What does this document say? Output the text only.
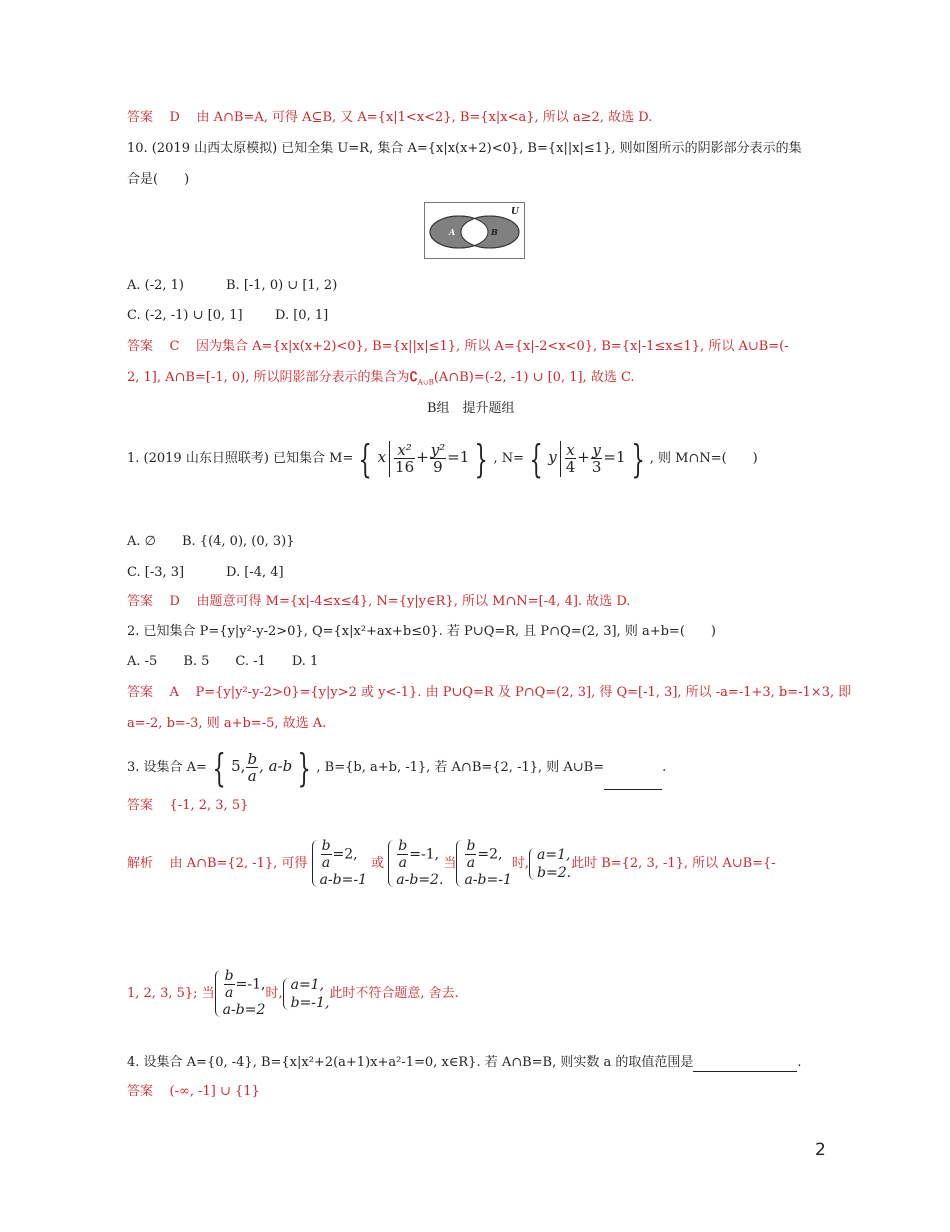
答案 D 由 A∩B=A, 可得 A⊆B, 又 A={x|1<x<2}, B={x|x<a}, 所以 a≥2, 故选 D.
10. (2019 山西太原模拟) 已知全集 U=R, 集合 A={x|x(x+2)<0}, B={x||x|≤1}, 则如图所示的阴影部分表示的集
合是(　　)
U
A	B
A. (-2, 1)	B. [-1, 0) ∪ [1, 2)
C. (-2, -1) ∪ [0, 1] D. [0, 1]
答案 C 因为集合 A={x|x(x+2)<0}, B={x||x|≤1}, 所以 A={x|-2<x<0}, B={x|-1≤x≤1}, 所以 A∪B=(-
2, 1], A∩B=[-1, 0), 所以阴影部分表示的集合为$∁_{A\cup B}(A\cap B)=(-2$, -1) ∪ [0, 1], 故选 C.
B组　提升题组
1. (2019 山东日照联考) 已知集合 M= { x $\frac{\text{x²}}{16} + \frac{\text{y²}}{9} =1$ } , N= { y $\frac{x}{4} + \frac{y}{3} =1$ } , 则 M∩N=(　　)
A. ∅　　B. {(4, 0), (0, 3)}
C. [-3, 3]	D. [-4, 4]
答案 D 由题意可得 M={x|-4≤x≤4}, N={y|y∈R}, 所以 M∩N=[-4, 4]. 故选 D.
2. 已知集合 P={y|y²-y-2>0}, Q={x|x²+ax+b≤0}. 若 P∪Q=R, 且 P∩Q=(2, 3], 则 a+b=(　　)
A. -5　　B. 5　　C. -1　　D. 1
答案 A P={y|y²-y-2>0}={y|y>2 或 y<-1}. 由 P∪Q=R 及 P∩Q=(2, 3], 得 Q=[-1, 3], 所以 -a=-1+3, b=-1×3, 即
a=-2, b=-3, 则 a+b=-5, 故选 A.
3. 设集合 A= { 5, $\frac{b}{a}$ , a-b } , B={b, a+b, -1}, 若 A∩B={2, -1}, 则 A∪B=	.
答案 {-1, 2, 3, 5}
解析 由 A∩B={2, -1}, 可得 $\frac{b}{a} =2$,
a-b=-1
或 $\frac{b}{a} =-1$,
a-b=2.
当 $\frac{b}{a} =2$,
a-b=-1
时,
a=1,
b=2.
此时 B={2, 3, -1}, 所以 A∪B={-
1, 2, 3, 5}; 当 $\frac{b}{a} =-1$,
a-b=2
时,
a=1,
b=-1,
此时不符合题意, 舍去.
4. 设集合 A={0, -4}, B={x|x²+2(a+1)x+a²-1=0, x∈R}. 若 A∩B=B, 则实数 a 的取值范围是	.
答案 (-∞, -1] ∪ {1}
2
